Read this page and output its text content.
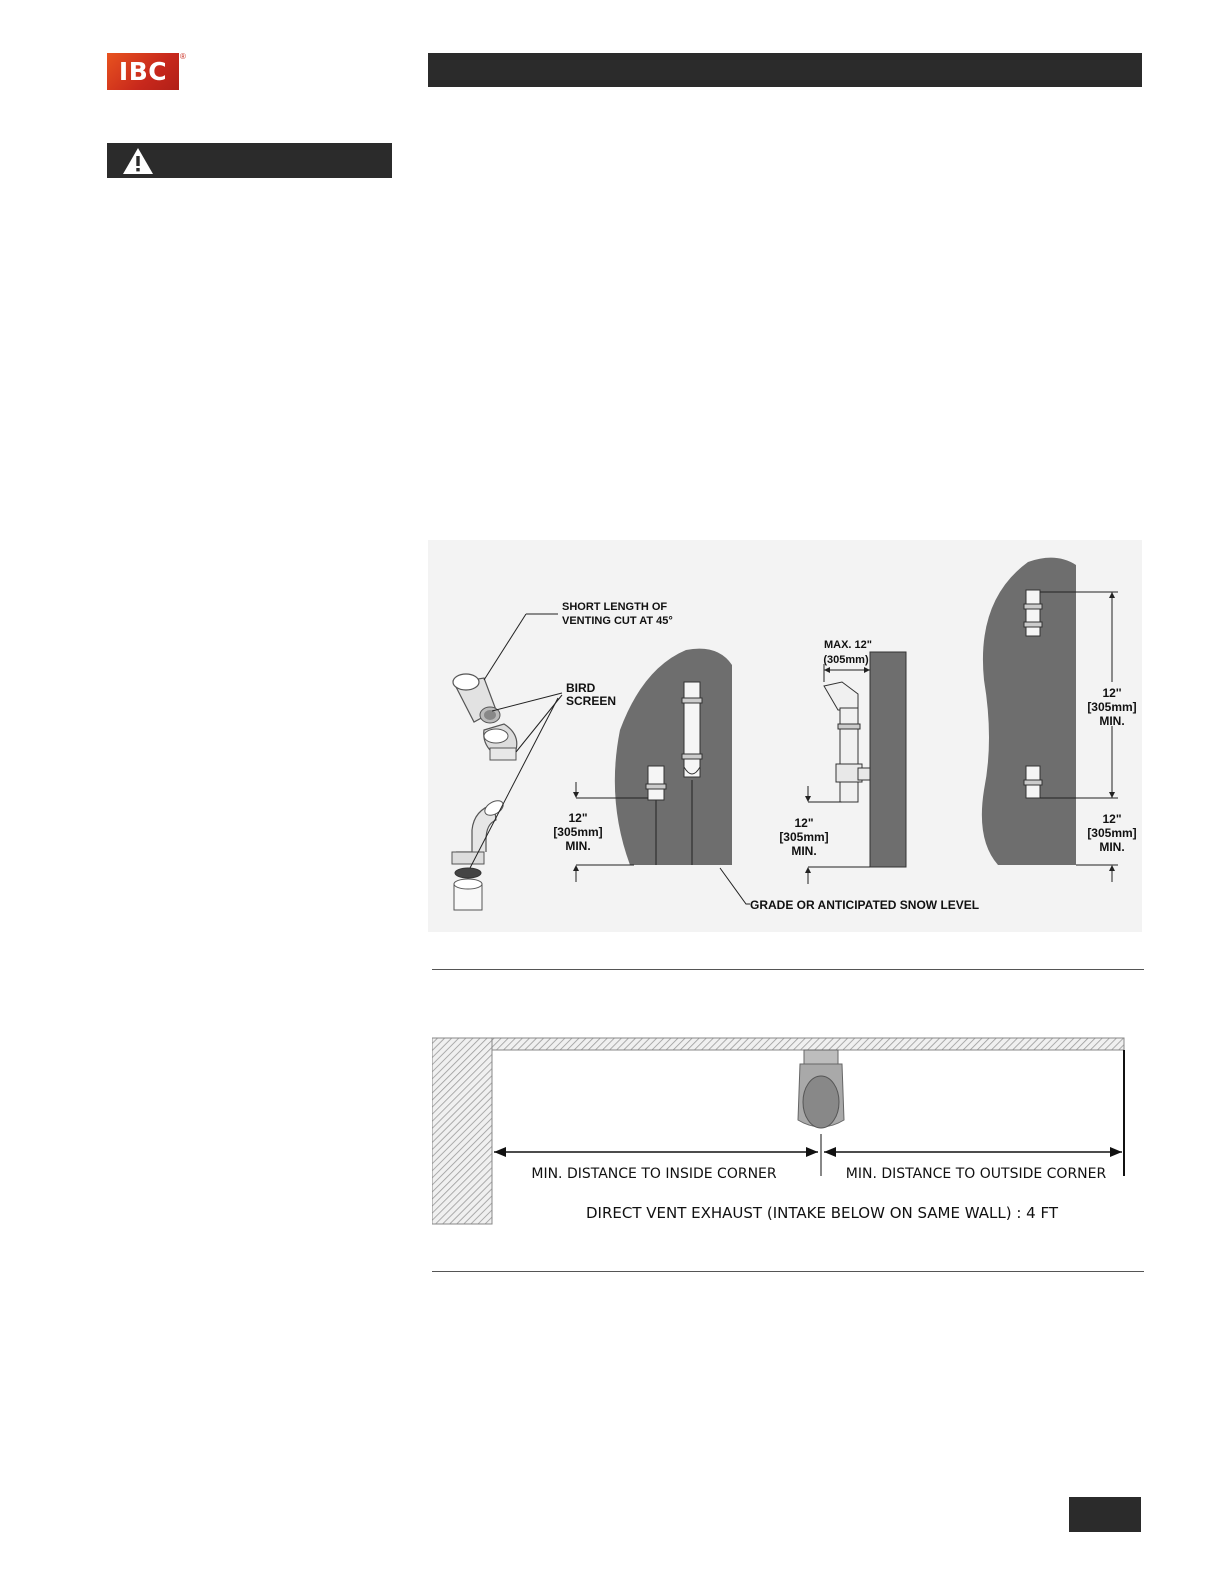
IBC
®
SHORT LENGTH OF
VENTING CUT AT 45°
BIRD
SCREEN
12"
[305mm]
MIN.
12"
[305mm]
MIN.
MAX. 12"
(305mm)
12''
[305mm]
MIN.
12"
[305mm]
MIN.
GRADE OR ANTICIPATED SNOW LEVEL
MIN. DISTANCE TO INSIDE CORNER	MIN. DISTANCE TO OUTSIDE CORNER
DIRECT VENT EXHAUST (INTAKE BELOW ON SAME WALL) : 4 FT
